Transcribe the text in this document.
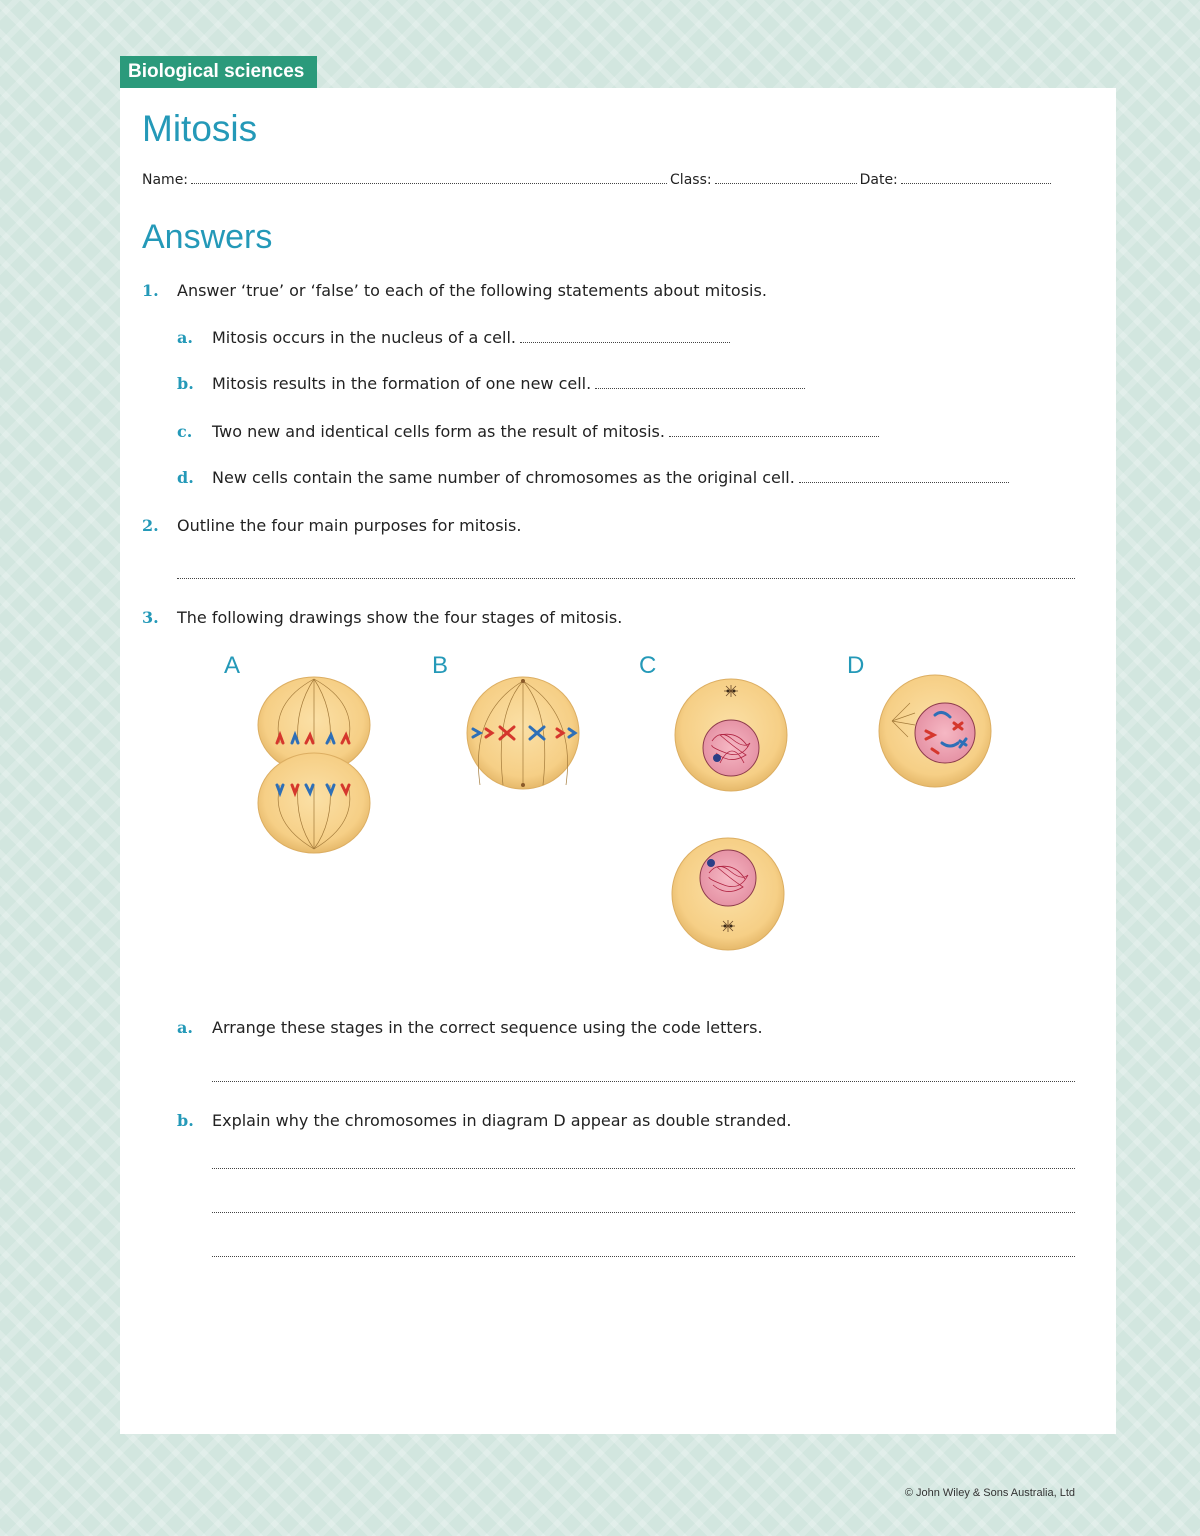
Biological sciences
Mitosis
Name:	Class:	Date:
Answers
1. Answer ‘true’ or ‘false’ to each of the following statements about mitosis.
a. Mitosis occurs in the nucleus of a cell.
b. Mitosis results in the formation of one new cell.
c. Two new and identical cells form as the result of mitosis.
d. New cells contain the same number of chromosomes as the original cell.
2. Outline the four main purposes for mitosis.
3. The following drawings show the four stages of mitosis.
A	B	C	D
a. Arrange these stages in the correct sequence using the code letters.
b. Explain why the chromosomes in diagram D appear as double stranded.
© John Wiley & Sons Australia, Ltd
